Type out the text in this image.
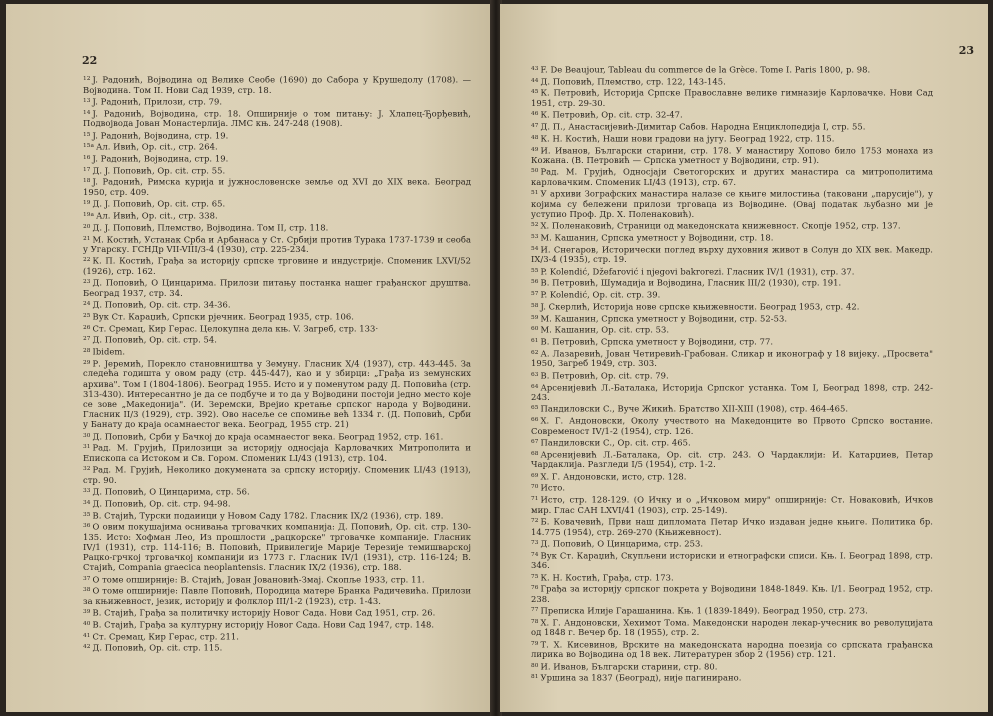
22

$^{12}$ J. Радонић, Војводина од Велике Сеобе (1690) до Сабора у Крушедолу (1708). — Војводина. Том II. Нови Сад 1939, стр. 18.

$^{13}$ J. Радонић, Прилози, стр. 79.

$^{14}$ J. Радонић, Војводина, стр. 18. Опширније о том питању: J. Хлапец-Ђорђевић, Подвојвода Јован Монастерлија. ЛМС књ. 247-248 (1908).

$^{15}$ J. Радонић, Војводина, стр. 19.

$^{15a}$ Ал. Ивић, Op. cit., стр. 264.

$^{16}$ J. Радонић, Војводина, стр. 19.

$^{17}$ Д. J. Поповић, Op. cit. стр. 55.

$^{18}$ J. Радонић, Римска курија и јужнословенске земље од XVI до XIX века. Београд 1950, стр. 409.

$^{19}$ Д. J. Поповић, Op. cit. стр. 65.

$^{19a}$ Ал. Ивић, Op. cit., стр. 338.

$^{20}$ Д. J. Поповић, Племство, Војводина. Том II, стр. 118.

$^{21}$ М. Костић, Устанак Срба и Арбанаса у Ст. Србији против Турака 1737-1739 и сеоба у Угарску. ГСНДр VII-VIII/3-4 (1930), стр. 225-234.

$^{22}$ К. П. Костић, Грађа за историју српске трговине и индустрије. Споменик LXVI/52 (1926), стр. 162.

$^{23}$ Д. Поповић, О Цинцарима. Прилози питању постанка нашег грађанског друштва. Београд 1937, стр. 34.

$^{24}$ Д. Поповић, Op. cit. стр. 34-36.

$^{25}$ Вук Ст. Караџић, Српски рјечник. Београд 1935, стр. 106.

$^{26}$ Ст. Сремац, Кир Герас. Целокупна дела књ. V. Загреб, стр. 133·

$^{27}$ Д. Поповић, Op. cit. стр. 54.

$^{28}$ Ibidem.

$^{29}$ Р. Јеремић, Порекло становништва у Земуну. Гласник X/4 (1937), стр. 443-445. За следећа годишта у овом раду (стр. 445-447), као и у збирци: „Грађа из земунских архива". Том I (1804-1806). Београд 1955. Исто и у поменутом раду Д. Поповића (стр. 313-430). Интересантно је да се подбуче и то да у Војводини постоји једно место које се зове „Македонија". (И. Зеремски, Врејио кретање српског народа у Војводини. Гласник II/3 (1929), стр. 392). Ово насеље се спомиње већ 1334 г. (Д. Поповић, Срби у Банату до краја осамнаестог века. Београд, 1955 стр. 21)

$^{30}$ Д. Поповић, Срби у Бачкој до краја осамнаестог века. Београд 1952, стр. 161.

$^{31}$ Рад. М. Грујић, Прилозици за историју односјаја Карловачких Митрополита и Епископа са Истоком и Св. Гором. Споменик LI/43 (1913), стр. 104.

$^{32}$ Рад. М. Грујић, Неколико докумената за српску историју. Споменик LI/43 (1913), стр. 90.

$^{33}$ Д. Поповић, О Цинцарима, стр. 56.

$^{34}$ Д. Поповић, Op. cit. стр. 94-98.

$^{35}$ В. Стајић, Турски подаиици у Новом Саду 1782. Гласник IX/2 (1936), стр. 189.

$^{36}$ О овим покушајима оснивања трговачких компанија: Д. Поповић, Op. cit. стр. 130-135. Исто: Хофман Лео, Из прошлости „рацкорске" трговачке компаније. Гласник IV/1 (1931), стр. 114-116; В. Поповић, Привилегије Марије Терезије темишварској Рацко-грчкој трговачкој компанији из 1773 г. Гласник IV/1 (1931), стр. 116-124; В. Стајић, Compania graecica neoplantensis. Гласник IX/2 (1936), стр. 188.

$^{37}$ О томе опширније: В. Стајић, Јован Јовановић-Змај. Скопље 1933, стр. 11.

$^{38}$ О томе опширније: Павле Поповић, Породица матере Бранка Радичевића. Прилози за књижевност, језик, историју и фолклор III/1-2 (1923), стр. 1-43.

$^{39}$ В. Стајић, Грађа за политичку историју Новог Сада. Нови Сад 1951, стр. 26.

$^{40}$ В. Стајић, Грађа за културну историју Новог Сада. Нови Сад 1947, стр. 148.

$^{41}$ Ст. Сремац, Кир Герас, стр. 211.

$^{42}$ Д. Поповић, Op. cit. стр. 115.

23

$^{43}$ F. De Beaujour, Tableau du commerce de la Grèce. Tome I. Paris 1800, p. 98.

$^{44}$ Д. Поповић, Племство, стр. 122, 143-145.

$^{45}$ К. Петровић, Историја Српске Православне велике гимназије Карловачке. Нови Сад 1951, стр. 29-30.

$^{46}$ К. Петровић, Op. cit. стр. 32-47.

$^{47}$ Д. П., Анастасијевић-Димитар Сабов. Народна Енциклопедија I, стр. 55.

$^{48}$ К. Н. Костић, Наши нови градови на југу. Београд 1922, стр. 115.

$^{49}$ И. Иванов, Български старини, стр. 178. У манастиру Хопово било 1753 монаха из Кожана. (В. Петровић — Српска уметност у Војводини, стр. 91).

$^{50}$ Рад. М. Грујић, Односјаји Светогорских и других манастира са митрополитима карловачким. Споменик LI/43 (1913), стр. 67.

$^{51}$ У архиви Зографских манастира налазе се књиге милостиња (таковани „парусије"), у којима су бележени прилози трговаца из Војводине. (Овај податак љубазно ми је уступио Проф. Др. Х. Поленаковић).

$^{52}$ Х. Поленаковић, Страници од македонската книжевност. Скопје 1952, стр. 137.

$^{53}$ М. Кашанин, Српска уметност у Војводини, стр. 18.

$^{54}$ И. Снегаров, Исторически поглед върху духовния живот в Солун до XIX век. Македр. IX/3-4 (1935), стр. 19.

$^{55}$ P. Kolendić, Džefarović i njegovi bakrorezi. Гласник IV/1 (1931), стр. 37.

$^{56}$ В. Петровић, Шумадија и Војводина, Гласник III/2 (1930), стр. 191.

$^{57}$ P. Kolendić, Op. cit. стр. 39.

$^{58}$ J. Скерлић, Историја нове српске књижевности. Београд 1953, стр. 42.

$^{59}$ М. Кашанин, Српска уметност у Војводини, стр. 52-53.

$^{60}$ М. Кашанин, Op. cit. стр. 53.

$^{61}$ В. Петровић, Српска уметност у Војводини, стр. 77.

$^{62}$ А. Лазаревић, Јован Четиревић-Грабован. Сликар и иконограф у 18 вијеку. „Просвета" 1950, Загреб 1949, стр. 303.

$^{63}$ В. Петровић, Op. cit. стр. 79.

$^{64}$ Арсенијевић Л.-Баталака, Историја Српског устанка. Том I, Београд 1898, стр. 242-243.

$^{65}$ Пандиловски С., Вуче Жикић. Братство XII-XIII (1908), стр. 464-465.

$^{66}$ Х. Г. Андоновски, Околу учеството на Македонците во Првото Српско востание. Современост IV/1-2 (1954), стр. 126.

$^{67}$ Пандиловски С., Op. cit. стр. 465.

$^{68}$ Арсенијевић Л.-Баталака, Op. cit. стр. 243. О Чардаклији: И. Катарџиев, Петар Чардаклија. Разгледи I/5 (1954), стр. 1-2.

$^{69}$ Х. Г. Андоновски, исто, стр. 128.

$^{70}$ Исто.

$^{71}$ Исто, стр. 128-129. (О Ичку и о „Ичковом миру" опширније: Ст. Новаковић, Ичков мир. Глас САН LXVI/41 (1903), стр. 25-149).

$^{72}$ Б. Ковачевић, Први наш дипломата Петар Ичко издаван једне књиге. Политика бр. 14.775 (1954), стр. 269-270 (Књижевност).

$^{73}$ Д. Поповић, О Цинцарима, стр. 253.

$^{74}$ Вук Ст. Караџић, Скупљени историски и етнографски списи. Књ. I. Београд 1898, стр. 346.

$^{75}$ К. Н. Костић, Грађа, стр. 173.

$^{76}$ Грађа за историју српског покрета у Војводини 1848-1849. Књ. I/1. Београд 1952, стр. 238.

$^{77}$ Преписка Илије Гарашанина. Књ. 1 (1839-1849). Београд 1950, стр. 273.

$^{78}$ Х. Г. Андоновски, Хехимот Тома. Македонски народен лекар-учесник во револуцијата од 1848 г. Вечер бр. 18 (1955), стр. 2.

$^{79}$ Т. Х. Кисевинов, Врските на македонската народна поезија со српската грађанска лирика во Војводина од 18 век. Литературен збор 2 (1956) стр. 121.

$^{80}$ И. Иванов, Български старини, стр. 80.

$^{81}$ Уршина за 1837 (Београд), није пагинирано.
